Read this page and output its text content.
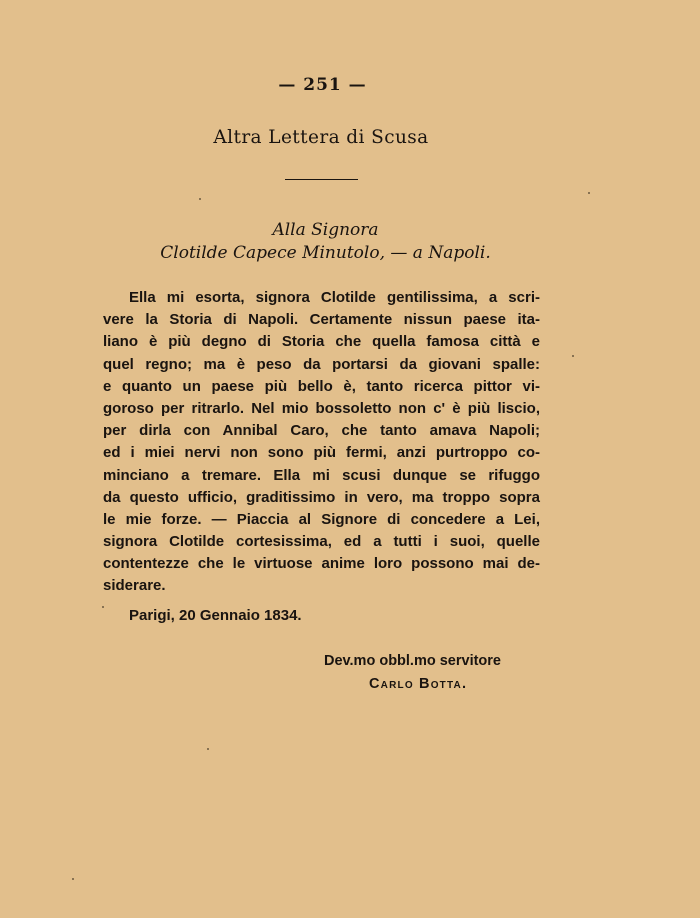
— 251 —
Altra Lettera di Scusa
Alla Signora
Clotilde Capece Minutolo, — a Napoli.
Ella mi esorta, signora Clotilde gentilissima, a scri-
vere la Storia di Napoli. Certamente nissun paese ita-
liano è più degno di Storia che quella famosa città e
quel regno; ma è peso da portarsi da giovani spalle:
e quanto un paese più bello è, tanto ricerca pittor vi-
goroso per ritrarlo. Nel mio bossoletto non c' è più liscio,
per dirla con Annibal Caro, che tanto amava Napoli;
ed i miei nervi non sono più fermi, anzi purtroppo co-
minciano a tremare. Ella mi scusi dunque se rifuggo
da questo ufficio, graditissimo in vero, ma troppo sopra
le mie forze. — Piaccia al Signore di concedere a Lei,
signora Clotilde cortesissima, ed a tutti i suoi, quelle
contentezze che le virtuose anime loro possono mai de-
siderare.
Parigi, 20 Gennaio 1834.
Dev.mo obbl.mo servitore
Carlo Botta.
